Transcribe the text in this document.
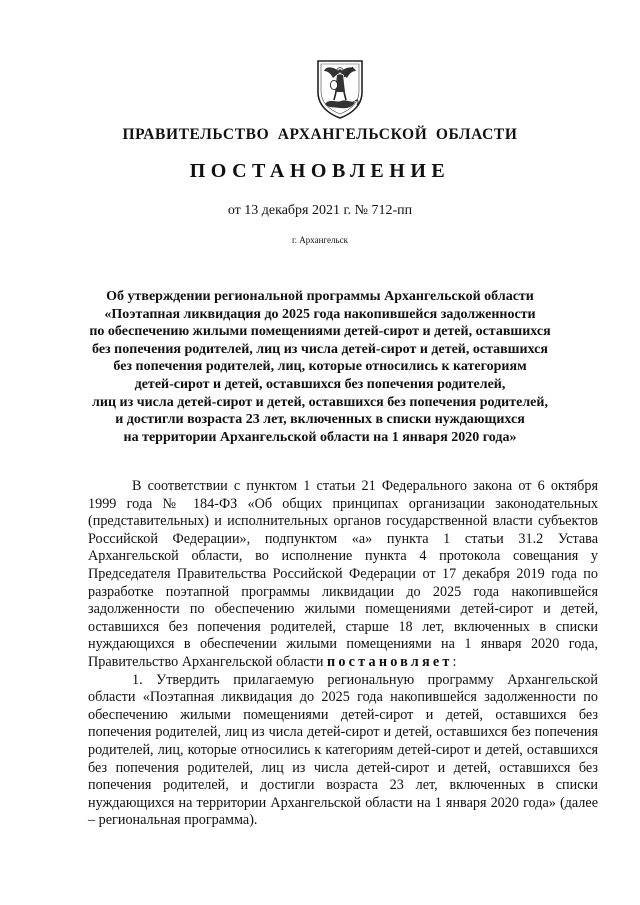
ПРАВИТЕЛЬСТВО АРХАНГЕЛЬСКОЙ ОБЛАСТИ
ПОСТАНОВЛЕНИЕ
от 13 декабря 2021 г. № 712-пп
г. Архангельск
Об утверждении региональной программы Архангельской области
«Поэтапная ликвидация до 2025 года накопившейся задолженности
по обеспечению жилыми помещениями детей-сирот и детей, оставшихся
без попечения родителей, лиц из числа детей-сирот и детей, оставшихся
без попечения родителей, лиц, которые относились к категориям
детей-сирот и детей, оставшихся без попечения родителей,
лиц из числа детей-сирот и детей, оставшихся без попечения родителей,
и достигли возраста 23 лет, включенных в списки нуждающихся
на территории Архангельской области на 1 января 2020 года»

В соответствии с пунктом 1 статьи 21 Федерального закона от 6 октября 1999 года № 184-ФЗ «Об общих принципах организации законодательных (представительных) и исполнительных органов государственной власти субъектов Российской Федерации», подпунктом «а» пункта 1 статьи 31.2 Устава Архангельской области, во исполнение пункта 4 протокола совещания у Председателя Правительства Российской Федерации от 17 декабря 2019 года по разработке поэтапной программы ликвидации до 2025 года накопившейся задолженности по обеспечению жилыми помещениями детей-сирот и детей, оставшихся без попечения родителей, старше 18 лет, включенных в списки нуждающихся в обеспечении жилыми помещениями на 1 января 2020 года, Правительство Архангельской области постановляет:

1. Утвердить прилагаемую региональную программу Архангельской области «Поэтапная ликвидация до 2025 года накопившейся задолженности по обеспечению жилыми помещениями детей-сирот и детей, оставшихся без попечения родителей, лиц из числа детей-сирот и детей, оставшихся без попечения родителей, лиц, которые относились к категориям детей-сирот и детей, оставшихся без попечения родителей, лиц из числа детей-сирот и детей, оставшихся без попечения родителей, и достигли возраста 23 лет, включенных в списки нуждающихся на территории Архангельской области на 1 января 2020 года» (далее – региональная программа).
